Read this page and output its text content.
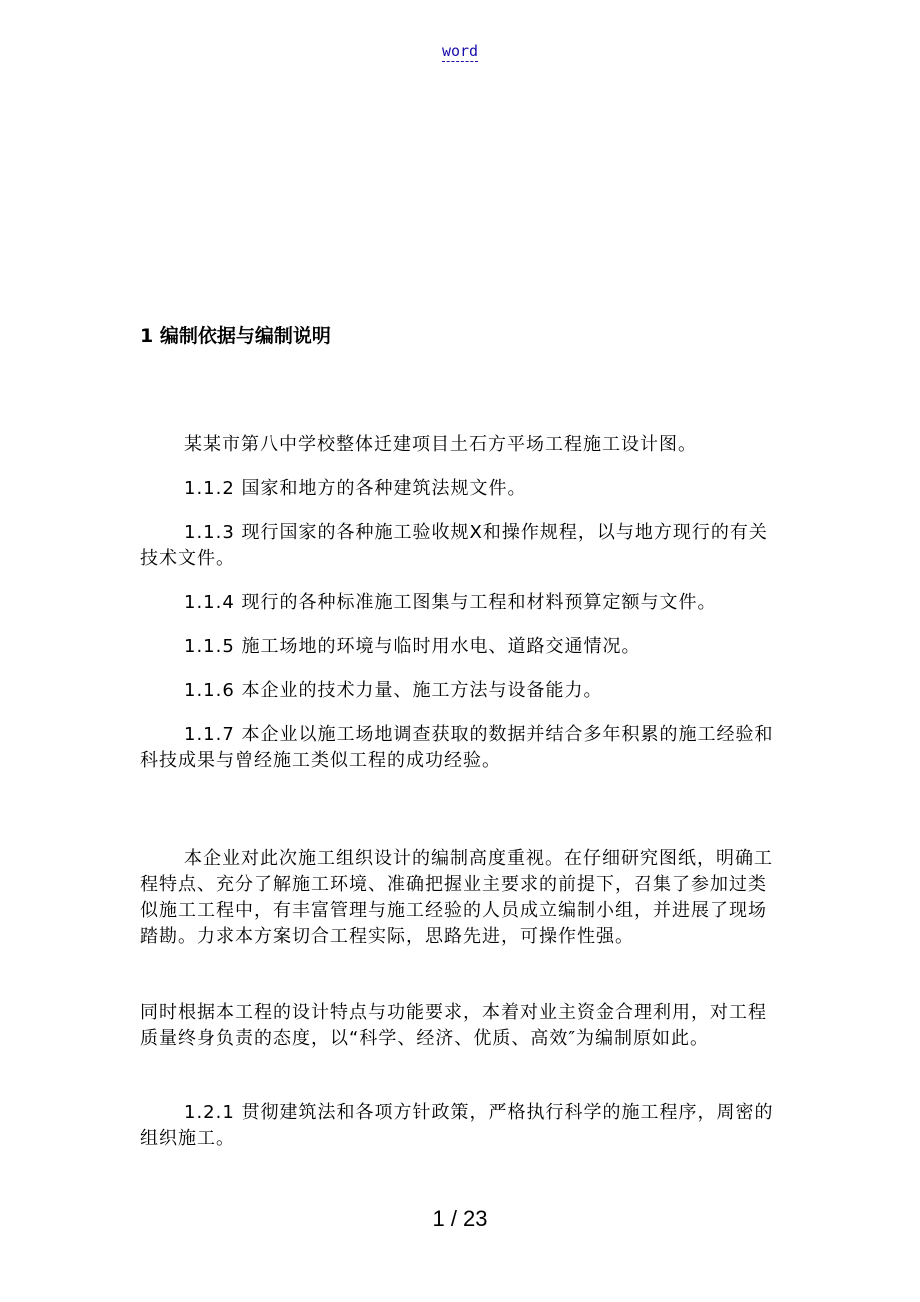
word
1 编制依据与编制说明
某某市第八中学校整体迁建项目土石方平场工程施工设计图。
1.1.2 国家和地方的各种建筑法规文件。
1.1.3 现行国家的各种施工验收规X和操作规程，以与地方现行的有关技术文件。
1.1.4 现行的各种标准施工图集与工程和材料预算定额与文件。
1.1.5 施工场地的环境与临时用水电、道路交通情况。
1.1.6 本企业的技术力量、施工方法与设备能力。
1.1.7 本企业以施工场地调查获取的数据并结合多年积累的施工经验和科技成果与曾经施工类似工程的成功经验。
本企业对此次施工组织设计的编制高度重视。在仔细研究图纸，明确工程特点、充分了解施工环境、准确把握业主要求的前提下，召集了参加过类似施工工程中，有丰富管理与施工经验的人员成立编制小组，并进展了现场踏勘。力求本方案切合工程实际，思路先进，可操作性强。
同时根据本工程的设计特点与功能要求，本着对业主资金合理利用，对工程质量终身负责的态度，以“科学、经济、优质、高效″为编制原如此。
1.2.1 贯彻建筑法和各项方针政策，严格执行科学的施工程序，周密的组织施工。
1 / 23
